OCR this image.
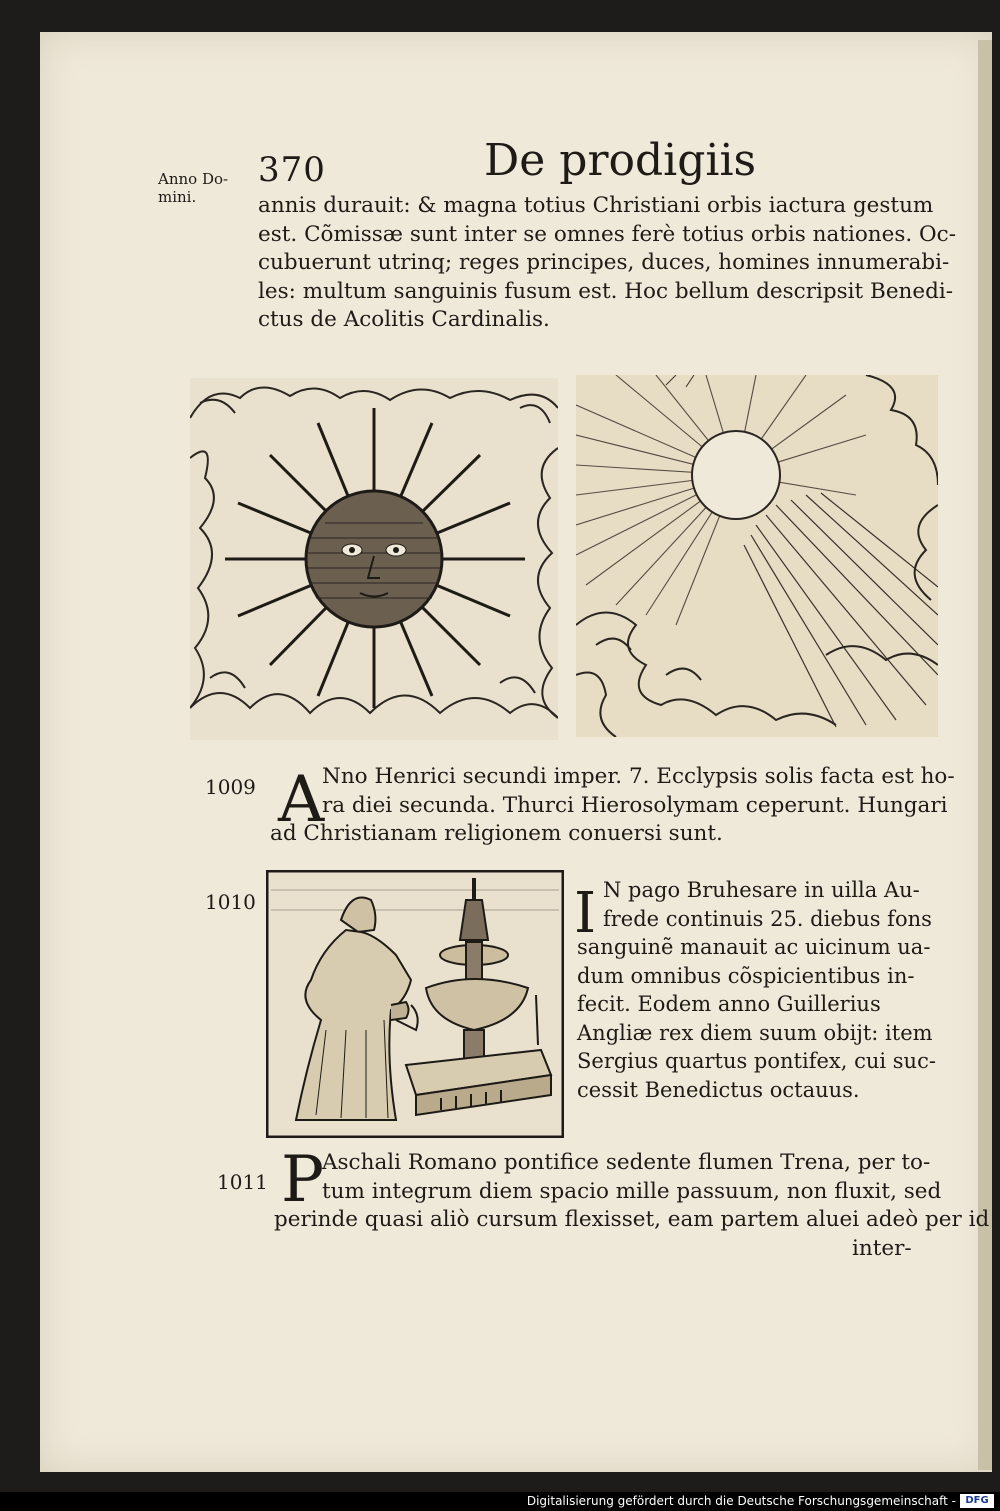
Anno Do-
mini.
370	De prodigiis

annis durauit: & magna totius Christiani orbis iactura gestum

est. Cõmissæ sunt inter se omnes ferè totius orbis nationes. Oc-

cubuerunt utrinq; reges principes, duces, homines innumerabi-

les: multum sanguinis fusum est. Hoc bellum descripsit Benedi-

ctus de Acolitis Cardinalis.

1009 A

Nno Henrici secundi imper. 7. Ecclypsis solis facta est ho-

ra diei secunda. Thurci Hierosolymam ceperunt. Hungari

ad Christianam religionem conuersi sunt.

1010	I N pago Bruhesare in uilla Au-

frede continuis 25. diebus fons

sanguinẽ manauit ac uicinum ua-

dum omnibus cõspicientibus in-

fecit. Eodem anno Guillerius

Angliæ rex diem suum obijt: item

Sergius quartus pontifex, cui suc-

cessit Benedictus octauus.

1011 P

Aschali Romano pontifice sedente flumen Trena, per to-

tum integrum diem spacio mille passuum, non fluxit, sed

perinde quasi aliò cursum flexisset, eam partem aluei adeò per id

inter-

Digitalisierung gefördert durch die Deutsche Forschungsgemeinschaft - DFG
